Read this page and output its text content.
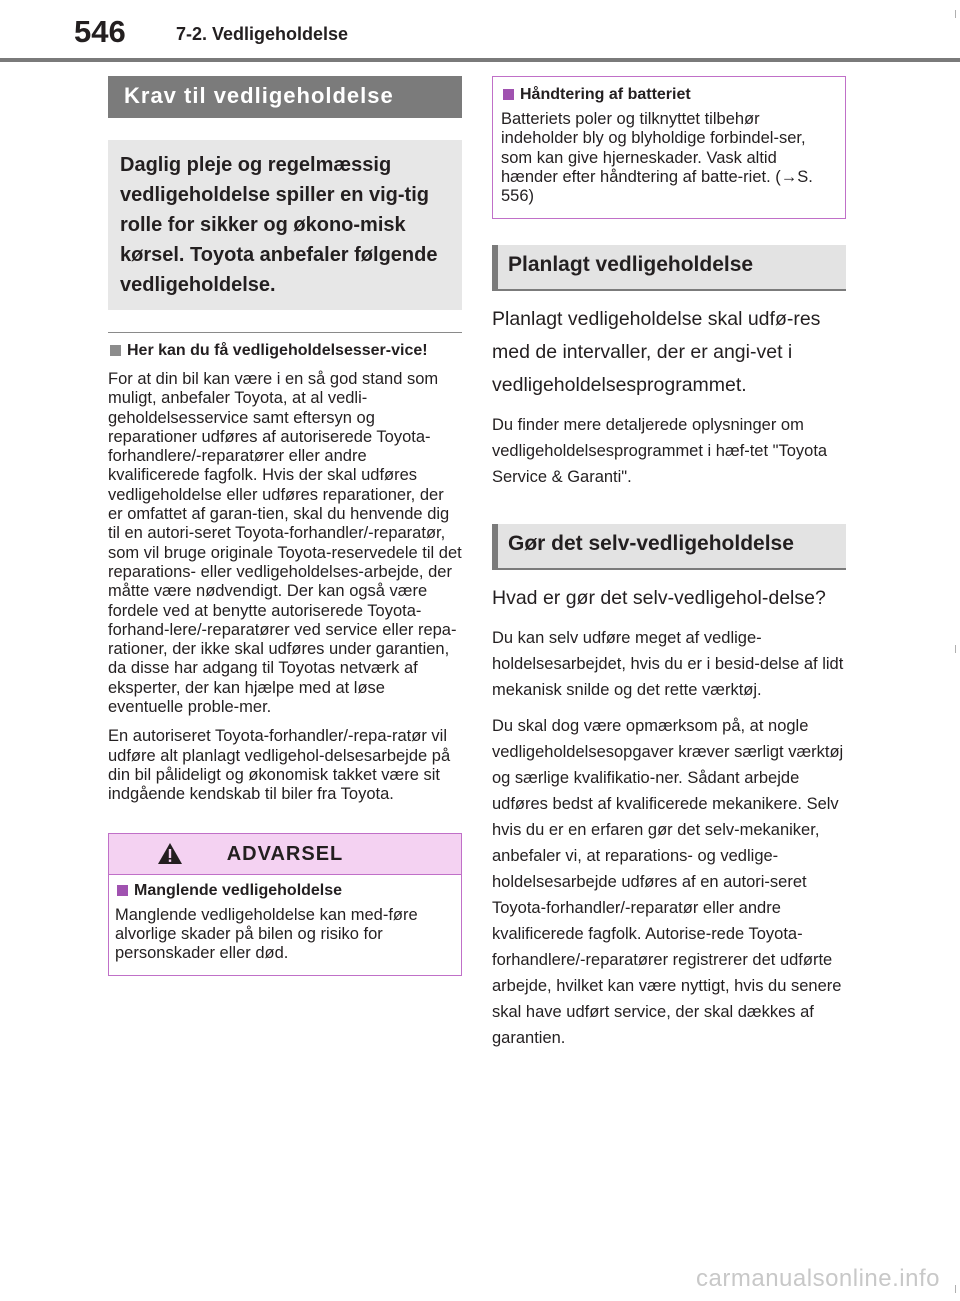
546	7-2. Vedligeholdelse
Krav til vedligeholdelse
Daglig pleje og regelmæssig vedligeholdelse spiller en vig-tig rolle for sikker og økono-misk kørsel. Toyota anbefaler følgende vedligeholdelse.
Her kan du få vedligeholdelsesser-vice!

For at din bil kan være i en så god stand som muligt, anbefaler Toyota, at al vedli-geholdelsesservice samt eftersyn og reparationer udføres af autoriserede Toyota-forhandlere/-reparatører eller andre kvalificerede fagfolk. Hvis der skal udføres vedligeholdelse eller udføres reparationer, der er omfattet af garan-tien, skal du henvende dig til en autori-seret Toyota-forhandler/-reparatør, som vil bruge originale Toyota-reservedele til det reparations- eller vedligeholdelses-arbejde, der måtte være nødvendigt. Der kan også være fordele ved at benytte autoriserede Toyota-forhand-lere/-reparatører ved service eller repa-rationer, der ikke skal udføres under garantien, da disse har adgang til Toyotas netværk af eksperter, der kan hjælpe med at løse eventuelle proble-mer.

En autoriseret Toyota-forhandler/-repa-ratør vil udføre alt planlagt vedligehol-delsesarbejde på din bil pålideligt og økonomisk takket være sit indgående kendskab til biler fra Toyota.

ADVARSEL
Manglende vedligeholdelse

Manglende vedligeholdelse kan med-føre alvorlige skader på bilen og risiko for personskader eller død.

Håndtering af batteriet

Batteriets poler og tilknyttet tilbehør indeholder bly og blyholdige forbindel-ser, som kan give hjerneskader. Vask altid hænder efter håndtering af batte-riet. (→S. 556)

Planlagt vedligeholdelse

Planlagt vedligeholdelse skal udfø-res med de intervaller, der er angi-vet i vedligeholdelsesprogrammet.

Du finder mere detaljerede oplysninger om vedligeholdelsesprogrammet i hæf-tet "Toyota Service & Garanti".

Gør det selv-vedligeholdelse

Hvad er gør det selv-vedligehol-delse?

Du kan selv udføre meget af vedlige-holdelsesarbejdet, hvis du er i besid-delse af lidt mekanisk snilde og det rette værktøj.

Du skal dog være opmærksom på, at nogle vedligeholdelsesopgaver kræver særligt værktøj og særlige kvalifikatio-ner. Sådant arbejde udføres bedst af kvalificerede mekanikere. Selv hvis du er en erfaren gør det selv-mekaniker, anbefaler vi, at reparations- og vedlige-holdelsesarbejde udføres af en autori-seret Toyota-forhandler/-reparatør eller andre kvalificerede fagfolk. Autorise-rede Toyota-forhandlere/-reparatører registrerer det udførte arbejde, hvilket kan være nyttigt, hvis du senere skal have udført service, der skal dækkes af garantien.

carmanualsonline.info
